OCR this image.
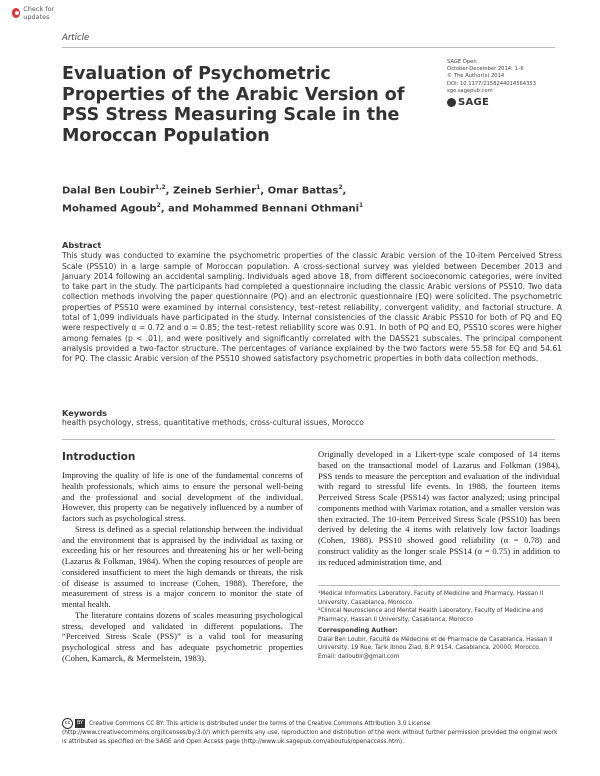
Check for updates
Article
Evaluation of Psychometric Properties of the Arabic Version of PSS Stress Measuring Scale in the Moroccan Population
SAGE Open
October-December 2014: 1–6
© The Author(s) 2014
DOI: 10.1177/2158244014564353
sgo.sagepub.com
SAGE
Dalal Ben Loubir$^{1,2}$, Zeineb Serhier$^1$, Omar Battas$^2$,
Mohamed Agoub$^2$, and Mohammed Bennani Othmani$^1$
Abstract

This study was conducted to examine the psychometric properties of the classic Arabic version of the 10-item Perceived Stress Scale (PSS10) in a large sample of Moroccan population. A cross-sectional survey was yielded between December 2013 and January 2014 following an accidental sampling. Individuals aged above 18, from different socioeconomic categories, were invited to take part in the study. The participants had completed a questionnaire including the classic Arabic versions of PSS10. Two data collection methods involving the paper questionnaire (PQ) and an electronic questionnaire (EQ) were solicited. The psychometric properties of PSS10 were examined by internal consistency, test–retest reliability, convergent validity, and factorial structure. A total of 1,099 individuals have participated in the study. Internal consistencies of the classic Arabic PSS10 for both of PQ and EQ were respectively α = 0.72 and α = 0.85; the test–retest reliability score was 0.91. In both of PQ and EQ, PSS10 scores were higher among females (p < .01), and were positively and significantly correlated with the DASS21 subscales. The principal component analysis provided a two-factor structure. The percentages of variance explained by the two factors were 55.58 for EQ and 54.61 for PQ. The classic Arabic version of the PSS10 showed satisfactory psychometric properties in both data collection methods.

Keywords
health psychology, stress, quantitative methods, cross-cultural issues, Morocco
Introduction

Improving the quality of life is one of the fundamental concerns of health professionals, which aims to ensure the personal well-being and the professional and social development of the individual. However, this property can be negatively influenced by a number of factors such as psychological stress.

Stress is defined as a special relationship between the individual and the environment that is appraised by the individual as taxing or exceeding his or her resources and threatening his or her well-being (Lazarus & Folkman, 1984). When the coping resources of people are considered insufficient to meet the high demands or threats, the risk of disease is assumed to increase (Cohen, 1988). Therefore, the measurement of stress is a major concern to monitor the state of mental health.

The literature contains dozens of scales measuring psychological stress, developed and validated in different populations. The “Perceived Stress Scale (PSS)” is a valid tool for measuring psychological stress and has adequate psychometric properties (Cohen, Kamarck, & Mermelstein, 1983).

Originally developed in a Likert-type scale composed of 14 items based on the transactional model of Lazarus and Folkman (1984), PSS tends to measure the perception and evaluation of the individual with regard to stressful life events. In 1988, the fourteen items Perceived Stress Scale (PSS14) was factor analyzed; using principal components method with Varimax rotation, and a smaller version was then extracted. The 10-item Perceived Stress Scale (PSS10) has been derived by deleting the 4 items with relatively low factor loadings (Cohen, 1988). PSS10 showed good reliability (α = 0.78) and construct validity as the longer scale PSS14 (α = 0.75) in addition to its reduced administration time, and

¹Medical Informatics Laboratory, Faculty of Medicine and Pharmacy, Hassan II University, Casablanca, Morocco

²Clinical Neuroscience and Mental Health Laboratory, Faculty of Medicine and Pharmacy, Hassan II University, Casablanca, Morocco

Corresponding Author:

Dalal Ben Loubir, Faculté de Médecine et de Pharmacie de Casablanca, Hassan II University, 19 Rue, Tarik Ibnou Ziad, B.P. 9154, Casablanca, 20000, Morocco.

Email: dalloubir@gmail.com

cc	BY	Creative Commons CC BY: This article is distributed under the terms of the Creative Commons Attribution 3.0 License (http://www.creativecommons.org/licenses/by/3.0/) which permits any use, reproduction and distribution of the work without further permission provided the original work is attributed as specified on the SAGE and Open Access page (http://www.uk.sagepub.com/aboutus/openaccess.htm).
